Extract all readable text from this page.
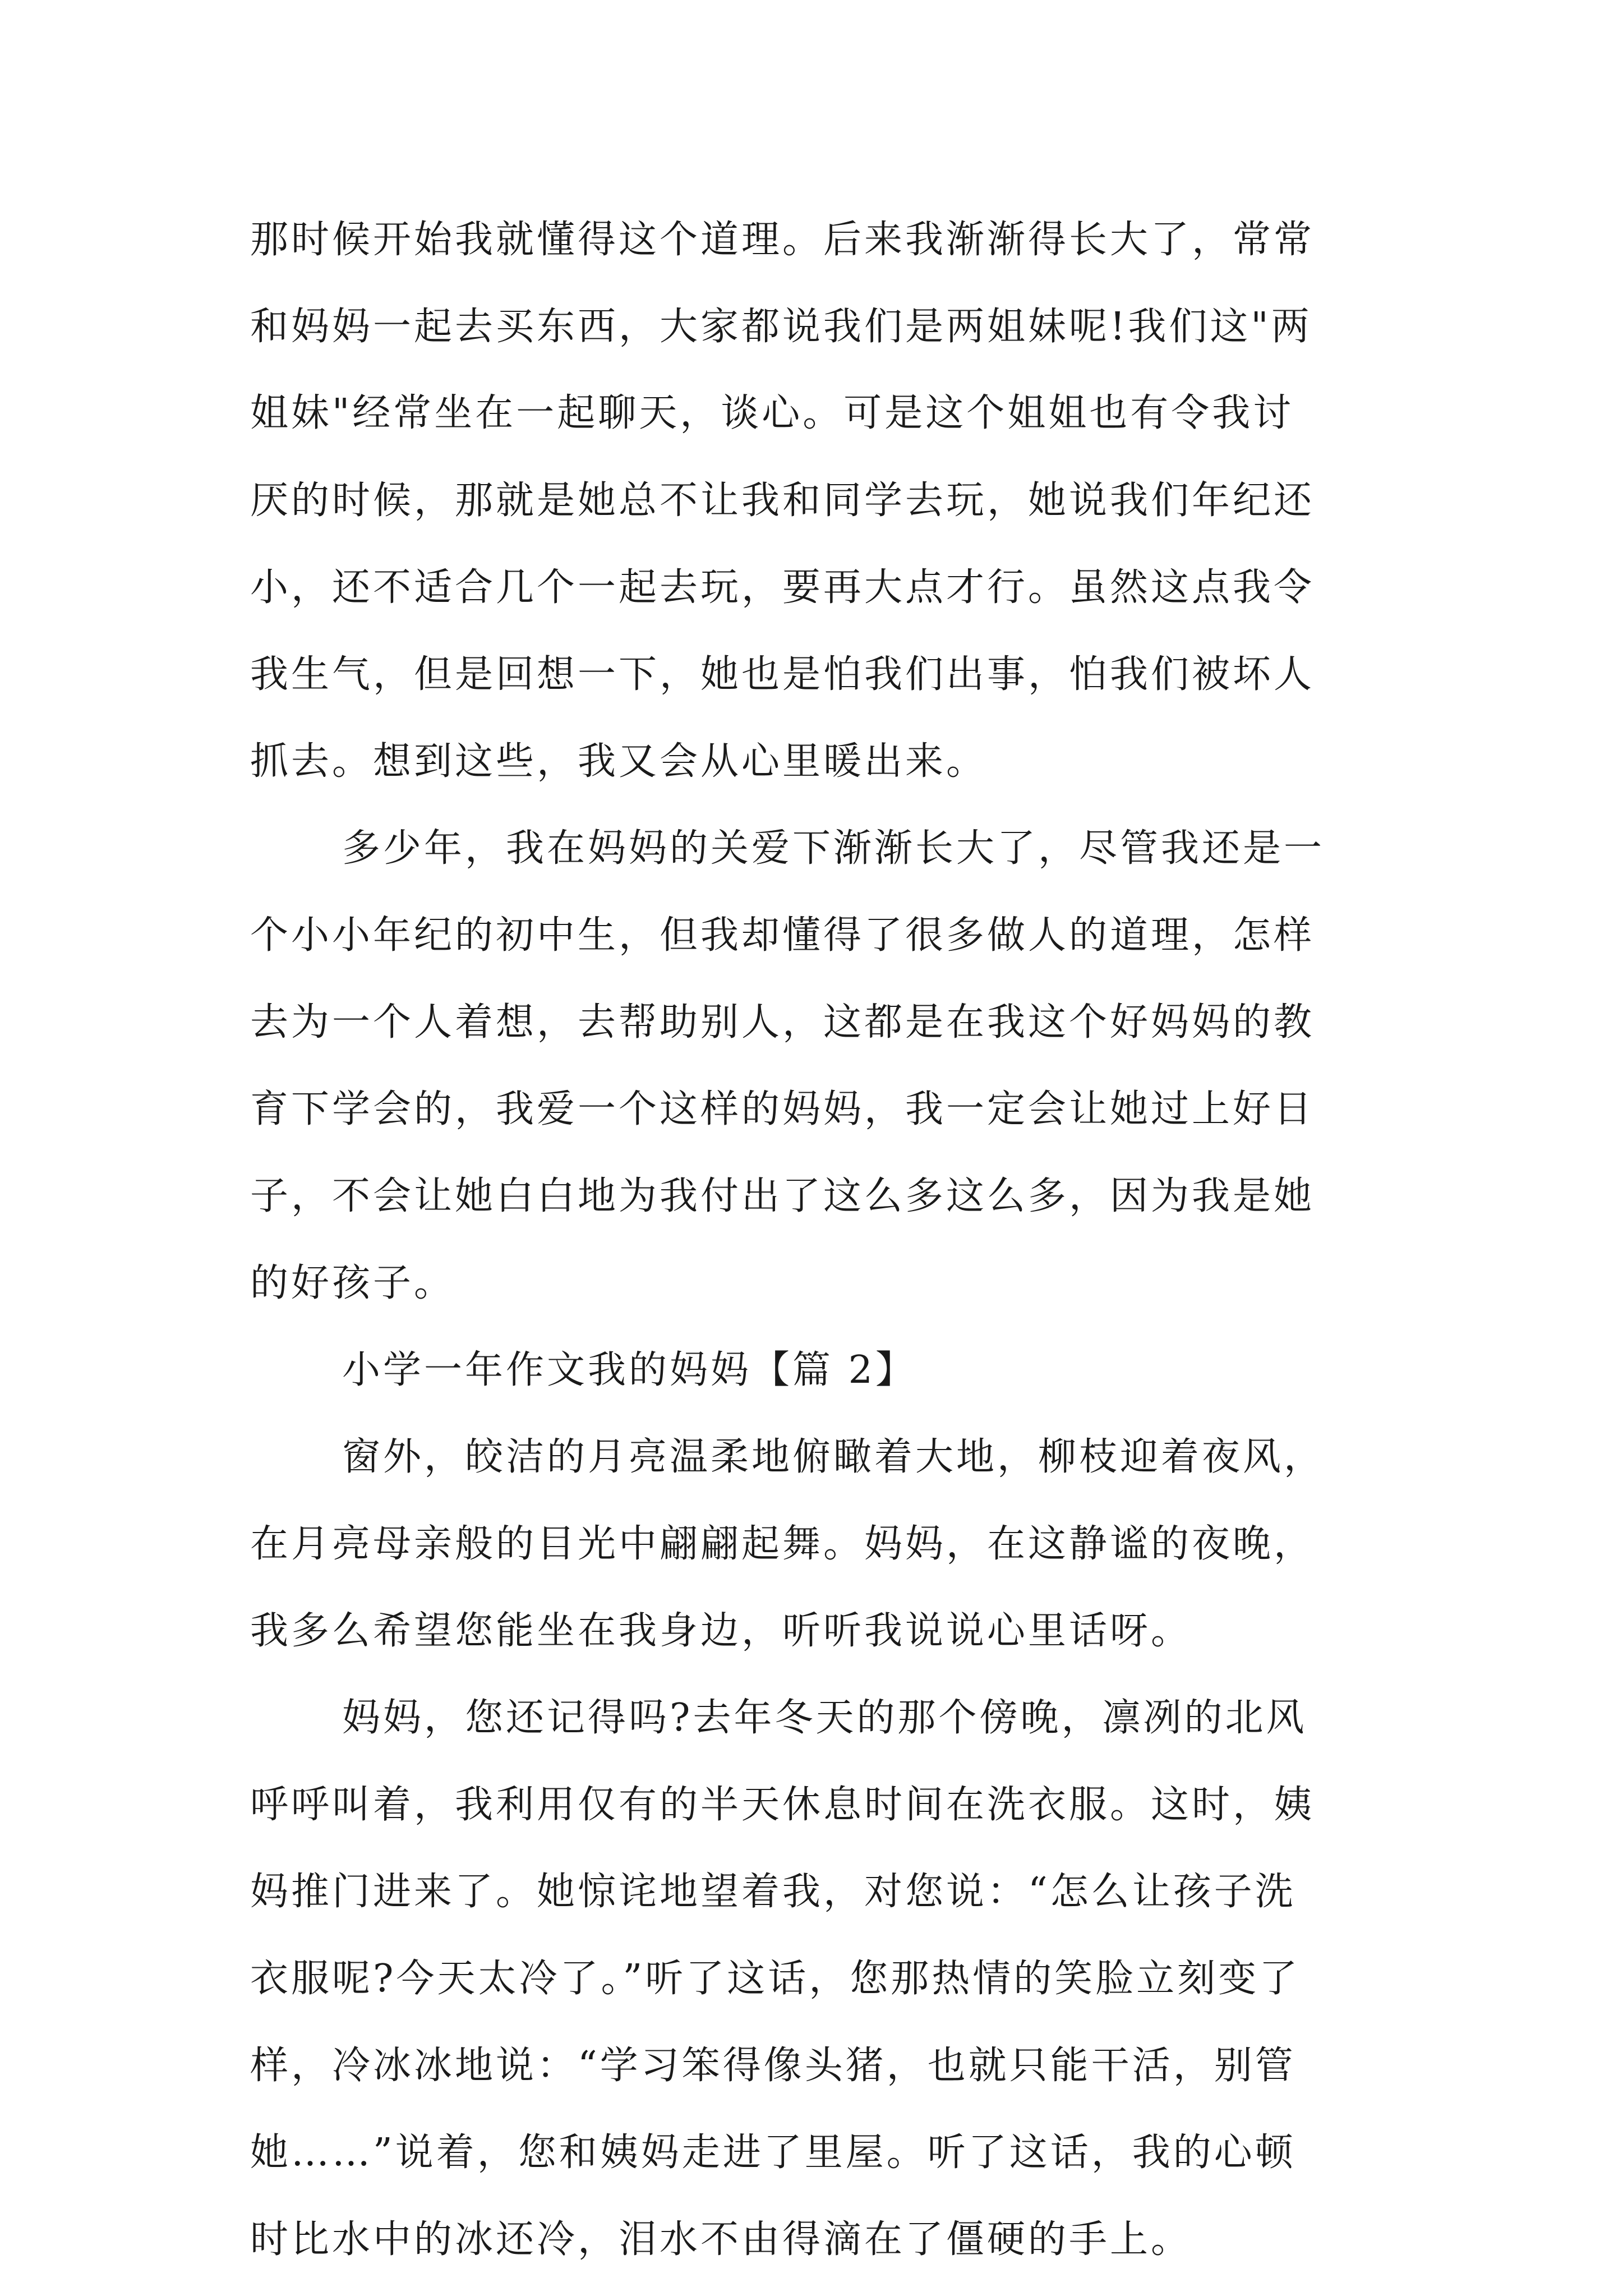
那时候开始我就懂得这个道理。后来我渐渐得长大了，常常
和妈妈一起去买东西，大家都说我们是两姐妹呢!我们这"两
姐妹"经常坐在一起聊天，谈心。可是这个姐姐也有令我讨
厌的时候，那就是她总不让我和同学去玩，她说我们年纪还
小，还不适合几个一起去玩，要再大点才行。虽然这点我令
我生气，但是回想一下，她也是怕我们出事，怕我们被坏人
抓去。想到这些，我又会从心里暖出来。
多少年，我在妈妈的关爱下渐渐长大了，尽管我还是一
个小小年纪的初中生，但我却懂得了很多做人的道理，怎样
去为一个人着想，去帮助别人，这都是在我这个好妈妈的教
育下学会的，我爱一个这样的妈妈，我一定会让她过上好日
子，不会让她白白地为我付出了这么多这么多，因为我是她
的好孩子。
小学一年作文我的妈妈【篇 2】
窗外，皎洁的月亮温柔地俯瞰着大地，柳枝迎着夜风，
在月亮母亲般的目光中翩翩起舞。妈妈，在这静谧的夜晚，
我多么希望您能坐在我身边，听听我说说心里话呀。
妈妈，您还记得吗?去年冬天的那个傍晚，凛冽的北风
呼呼叫着，我利用仅有的半天休息时间在洗衣服。这时，姨
妈推门进来了。她惊诧地望着我，对您说：“怎么让孩子洗
衣服呢?今天太冷了。”听了这话，您那热情的笑脸立刻变了
样，冷冰冰地说：“学习笨得像头猪，也就只能干活，别管
她……”说着，您和姨妈走进了里屋。听了这话，我的心顿
时比水中的冰还冷，泪水不由得滴在了僵硬的手上。
